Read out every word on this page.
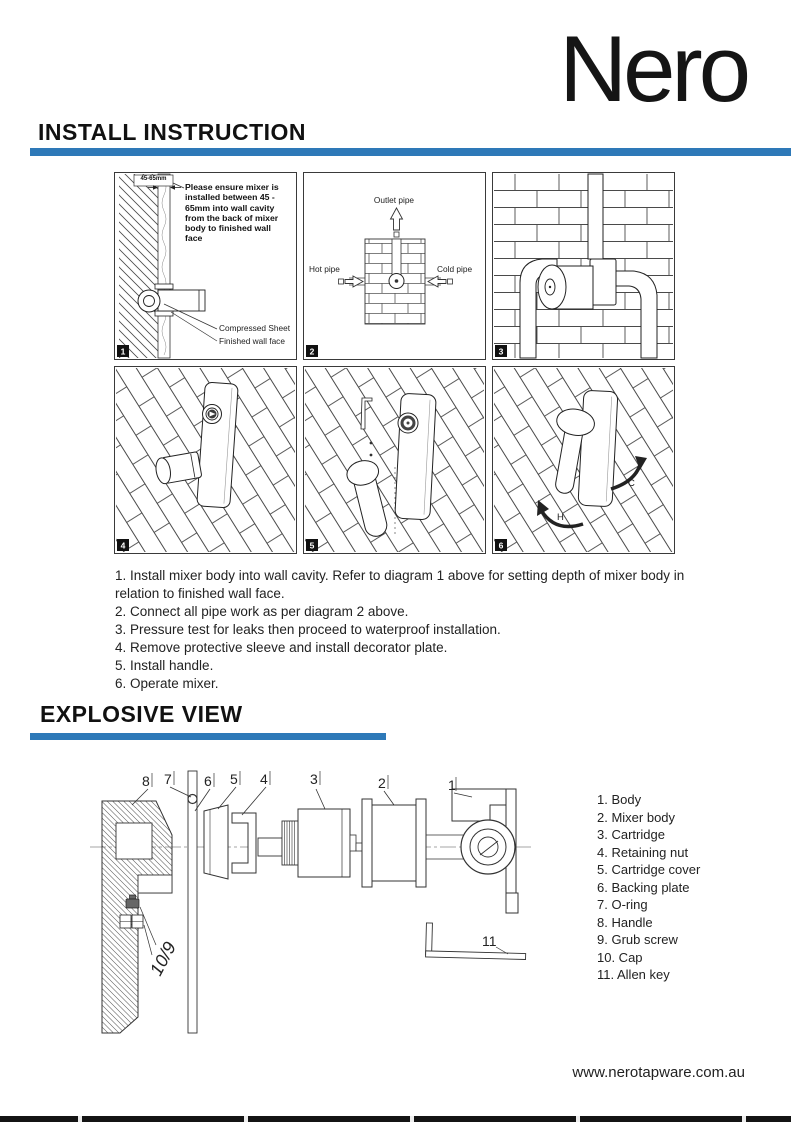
Nero
INSTALL INSTRUCTION
1
45-65mm
Please ensure mixer is installed between 45 - 65mm into wall cavity from the back of mixer body to finished wall face
Compressed Sheet
Finished wall face
2
Outlet pipe
Hot pipe	Cold pipe
3
4	5
H
C
6
1. Install mixer body into wall cavity. Refer to diagram 1 above for setting depth of mixer body in relation to finished wall face.
2. Connect all pipe work as per diagram 2 above.
3. Pressure test for leaks then proceed to waterproof installation.
4. Remove protective sleeve and install decorator plate.
5. Install handle.
6. Operate mixer.
EXPLOSIVE VIEW
10/9
8 7 6 5 4	3	2	1
11
1. Body
2. Mixer body
3. Cartridge
4. Retaining nut
5. Cartridge cover
6. Backing plate
7. O-ring
8. Handle
9. Grub screw
10. Cap
11. Allen key
www.nerotapware.com.au
